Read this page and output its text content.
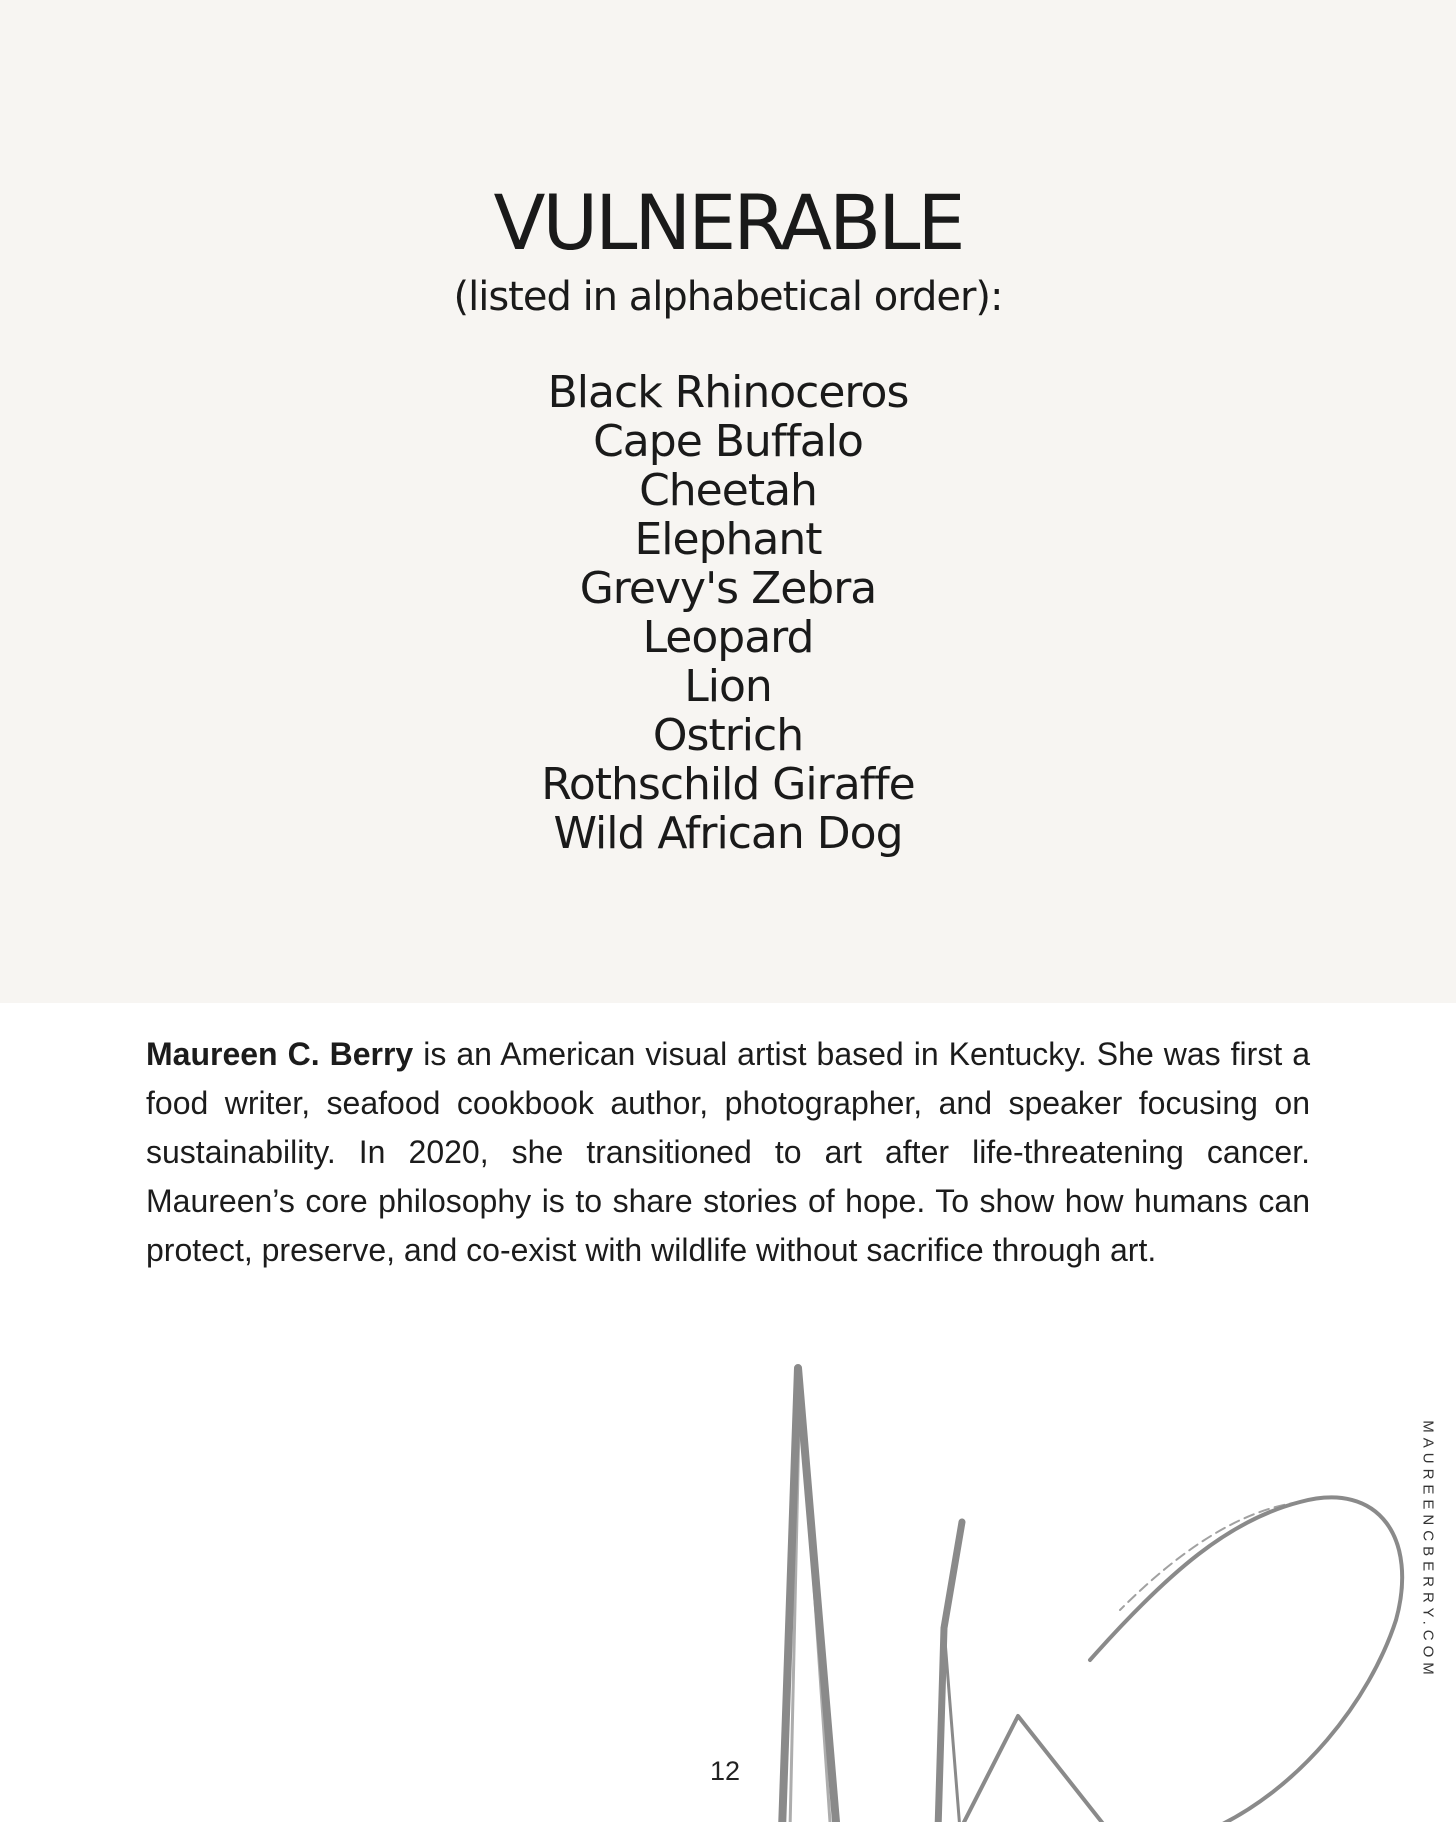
VULNERABLE
(listed in alphabetical order):
Black Rhinoceros
Cape Buffalo
Cheetah
Elephant
Grevy's Zebra
Leopard
Lion
Ostrich
Rothschild Giraffe
Wild African Dog

Maureen C. Berry is an American visual artist based in Kentucky. She was first a food writer, seafood cookbook author, photographer, and speaker focusing on sustainability. In 2020, she transitioned to art after life-threatening cancer. Maureen’s core philosophy is to share stories of hope. To show how humans can protect, preserve, and co-exist with wildlife without sacrifice through art.

12
MAURΕENCBERRY.COM
